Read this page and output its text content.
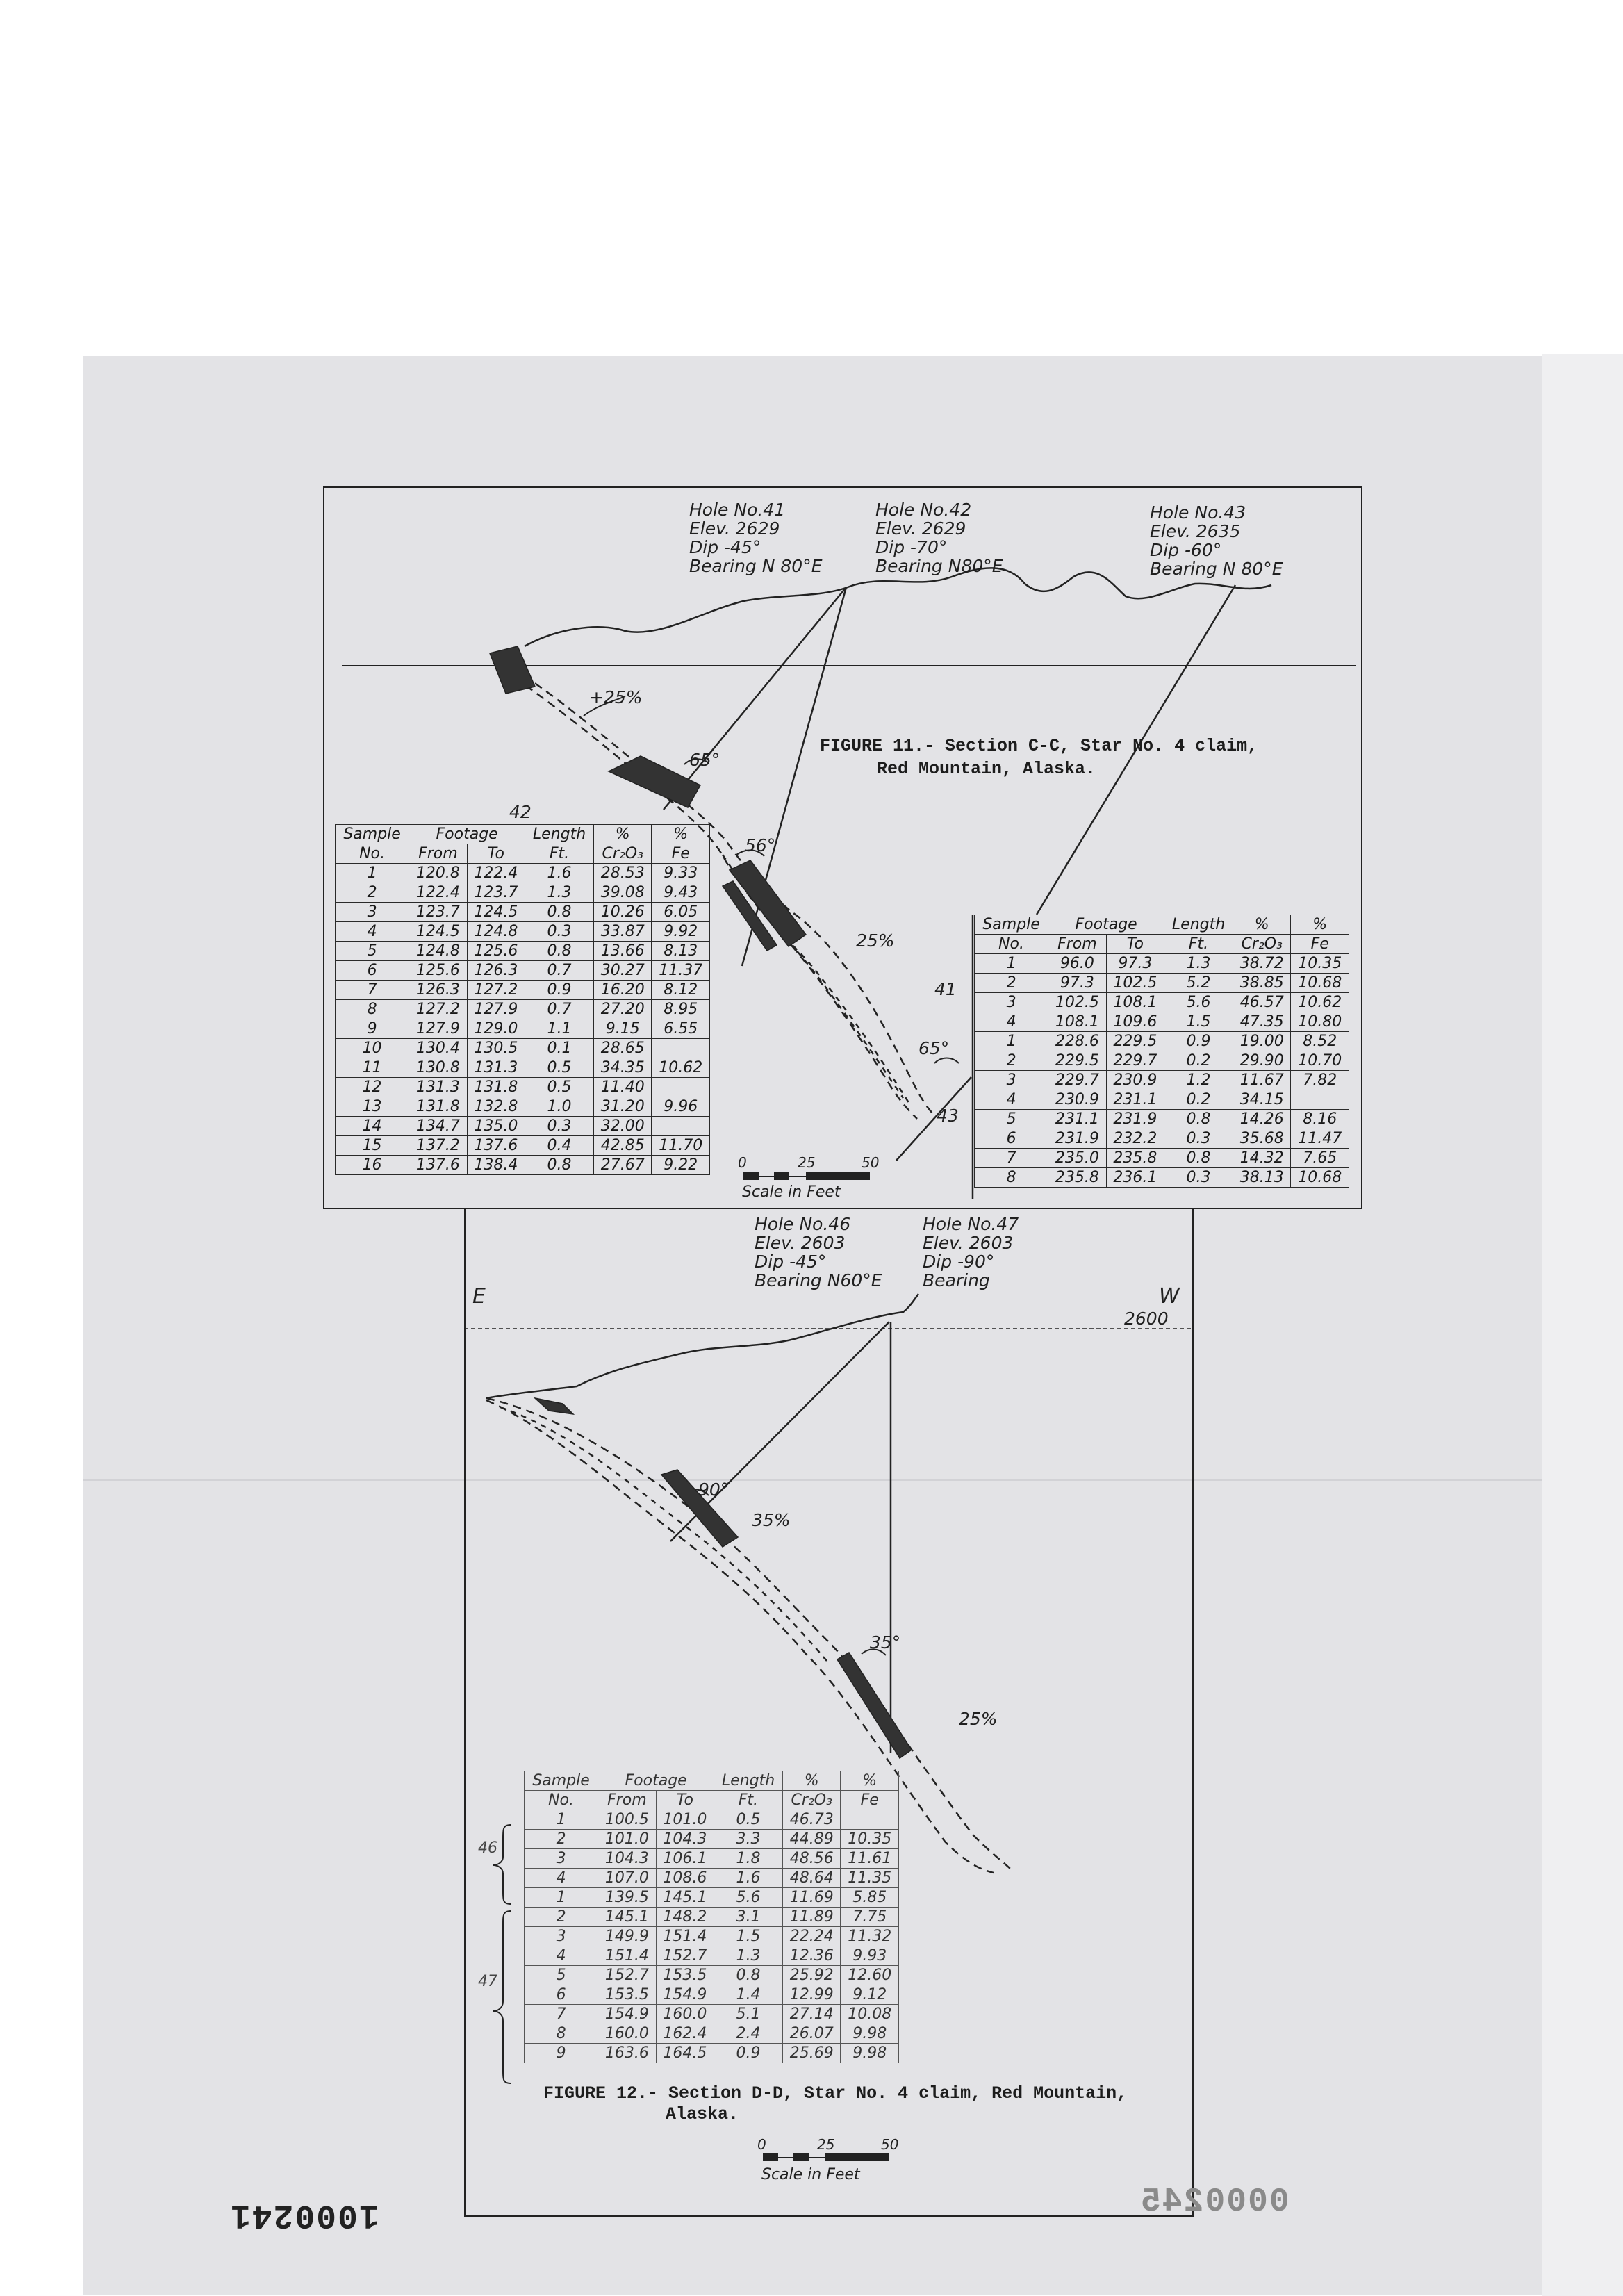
Hole No.41
Elev. 2629
Dip -45°
Bearing N 80°E
Hole No.42
Elev. 2629
Dip -70°
Bearing N80°E
Hole No.43
Elev. 2635
Dip -60°
Bearing N 80°E
+25%
65°
56°
25%
41
65°
43
42
FIGURE 11.- Section C-C, Star No. 4 claim,
Red Mountain, Alaska.
0	25	50
Scale in Feet
Sample	Footage		Length	%	%
No.	From	To	Ft.	Cr₂O₃	Fe
1	120.8	122.4	1.6	28.53	9.33
2	122.4	123.7	1.3	39.08	9.43
3	123.7	124.5	0.8	10.26	6.05
4	124.5	124.8	0.3	33.87	9.92
5	124.8	125.6	0.8	13.66	8.13
6	125.6	126.3	0.7	30.27	11.37
7	126.3	127.2	0.9	16.20	8.12
8	127.2	127.9	0.7	27.20	8.95
9	127.9	129.0	1.1	9.15	6.55
10	130.4	130.5	0.1	28.65	
11	130.8	131.3	0.5	34.35	10.62
12	131.3	131.8	0.5	11.40	
13	131.8	132.8	1.0	31.20	9.96
14	134.7	135.0	0.3	32.00	
15	137.2	137.6	0.4	42.85	11.70
16	137.6	138.4	0.8	27.67	9.22
Sample	Footage		Length	%	%
No.	From	To	Ft.	Cr₂O₃	Fe
1	96.0	97.3	1.3	38.72	10.35
2	97.3	102.5	5.2	38.85	10.68
3	102.5	108.1	5.6	46.57	10.62
4	108.1	109.6	1.5	47.35	10.80
1	228.6	229.5	0.9	19.00	8.52
2	229.5	229.7	0.2	29.90	10.70
3	229.7	230.9	1.2	11.67	7.82
4	230.9	231.1	0.2	34.15	
5	231.1	231.9	0.8	14.26	8.16
6	231.9	232.2	0.3	35.68	11.47
7	235.0	235.8	0.8	14.32	7.65
8	235.8	236.1	0.3	38.13	10.68
Hole No.46
Elev. 2603
Dip -45°
Bearing N60°E
Hole No.47
Elev. 2603
Dip -90°
Bearing
E	W
2600
90°
35%
35°
25%
46
47
Sample	Footage		Length	%	%
No.	From	To	Ft.	Cr₂O₃	Fe
1	100.5	101.0	0.5	46.73	
2	101.0	104.3	3.3	44.89	10.35
3	104.3	106.1	1.8	48.56	11.61
4	107.0	108.6	1.6	48.64	11.35
1	139.5	145.1	5.6	11.69	5.85
2	145.1	148.2	3.1	11.89	7.75
3	149.9	151.4	1.5	22.24	11.32
4	151.4	152.7	1.3	12.36	9.93
5	152.7	153.5	0.8	25.92	12.60
6	153.5	154.9	1.4	12.99	9.12
7	154.9	160.0	5.1	27.14	10.08
8	160.0	162.4	2.4	26.07	9.98
9	163.6	164.5	0.9	25.69	9.98
FIGURE 12.- Section D-D, Star No. 4 claim, Red Mountain,
Alaska.
0	25	50
Scale in Feet
1000241	0000245
